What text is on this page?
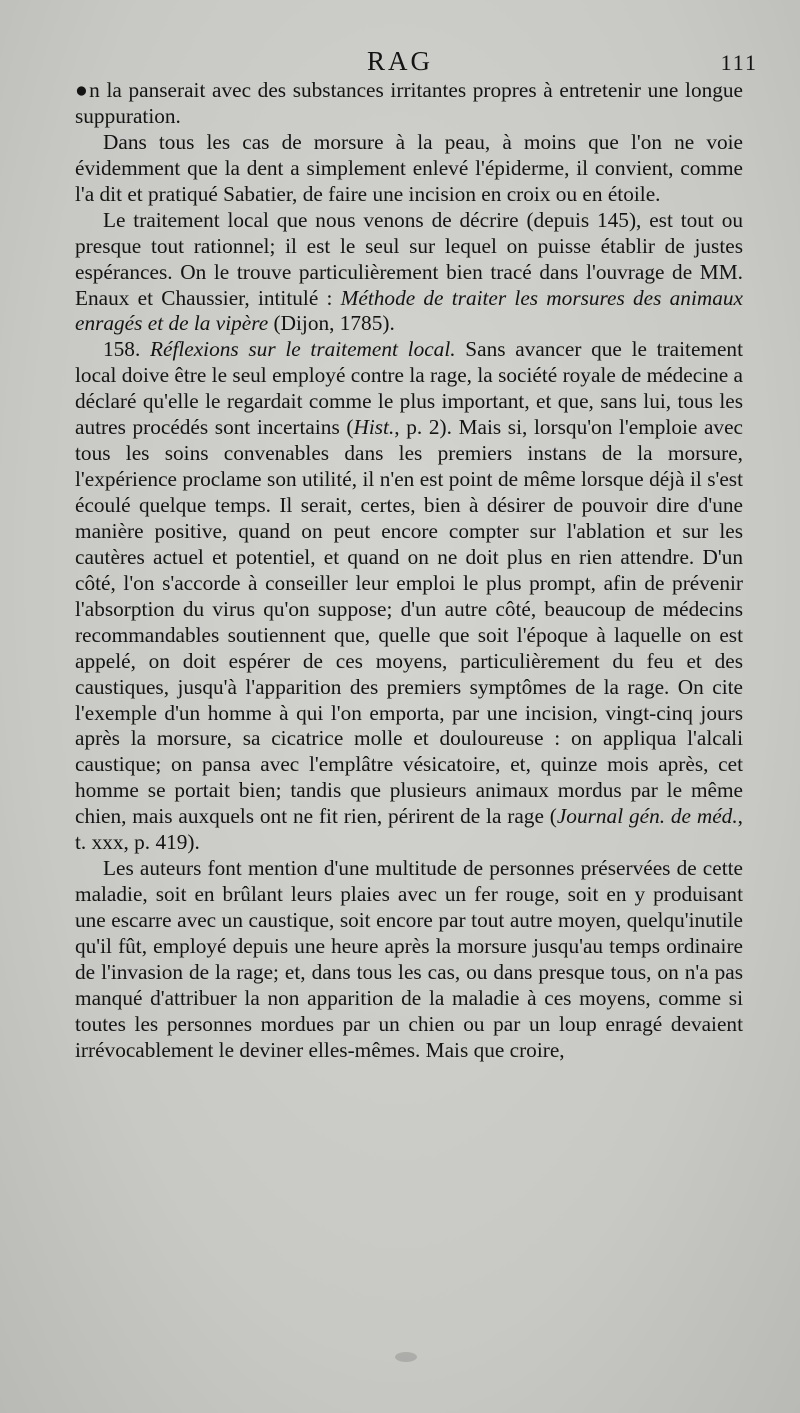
RAG	111

●n la panserait avec des substances irritantes propres à entretenir une longue suppuration.

Dans tous les cas de morsure à la peau, à moins que l'on ne voie évidemment que la dent a simplement enlevé l'épiderme, il convient, comme l'a dit et pratiqué Sabatier, de faire une incision en croix ou en étoile.

Le traitement local que nous venons de décrire (depuis 145), est tout ou presque tout rationnel; il est le seul sur lequel on puisse établir de justes espérances. On le trouve particulièrement bien tracé dans l'ouvrage de MM. Enaux et Chaussier, intitulé : Méthode de traiter les morsures des animaux enragés et de la vipère (Dijon, 1785).

158. Réflexions sur le traitement local. Sans avancer que le traitement local doive être le seul employé contre la rage, la société royale de médecine a déclaré qu'elle le regardait comme le plus important, et que, sans lui, tous les autres procédés sont incertains (Hist., p. 2). Mais si, lorsqu'on l'emploie avec tous les soins convenables dans les premiers instans de la morsure, l'expérience proclame son utilité, il n'en est point de même lorsque déjà il s'est écoulé quelque temps. Il serait, certes, bien à désirer de pouvoir dire d'une manière positive, quand on peut encore compter sur l'ablation et sur les cautères actuel et potentiel, et quand on ne doit plus en rien attendre. D'un côté, l'on s'accorde à conseiller leur emploi le plus prompt, afin de prévenir l'absorption du virus qu'on suppose; d'un autre côté, beaucoup de médecins recommandables soutiennent que, quelle que soit l'époque à laquelle on est appelé, on doit espérer de ces moyens, particulièrement du feu et des caustiques, jusqu'à l'apparition des premiers symptômes de la rage. On cite l'exemple d'un homme à qui l'on emporta, par une incision, vingt-cinq jours après la morsure, sa cicatrice molle et douloureuse : on appliqua l'alcali caustique; on pansa avec l'emplâtre vésicatoire, et, quinze mois après, cet homme se portait bien; tandis que plusieurs animaux mordus par le même chien, mais auxquels ont ne fit rien, périrent de la rage (Journal gén. de méd., t. xxx, p. 419).

Les auteurs font mention d'une multitude de personnes préservées de cette maladie, soit en brûlant leurs plaies avec un fer rouge, soit en y produisant une escarre avec un caustique, soit encore par tout autre moyen, quelqu'inutile qu'il fût, employé depuis une heure après la morsure jusqu'au temps ordinaire de l'invasion de la rage; et, dans tous les cas, ou dans presque tous, on n'a pas manqué d'attribuer la non apparition de la maladie à ces moyens, comme si toutes les personnes mordues par un chien ou par un loup enragé devaient irrévocablement le deviner elles-mêmes. Mais que croire,
